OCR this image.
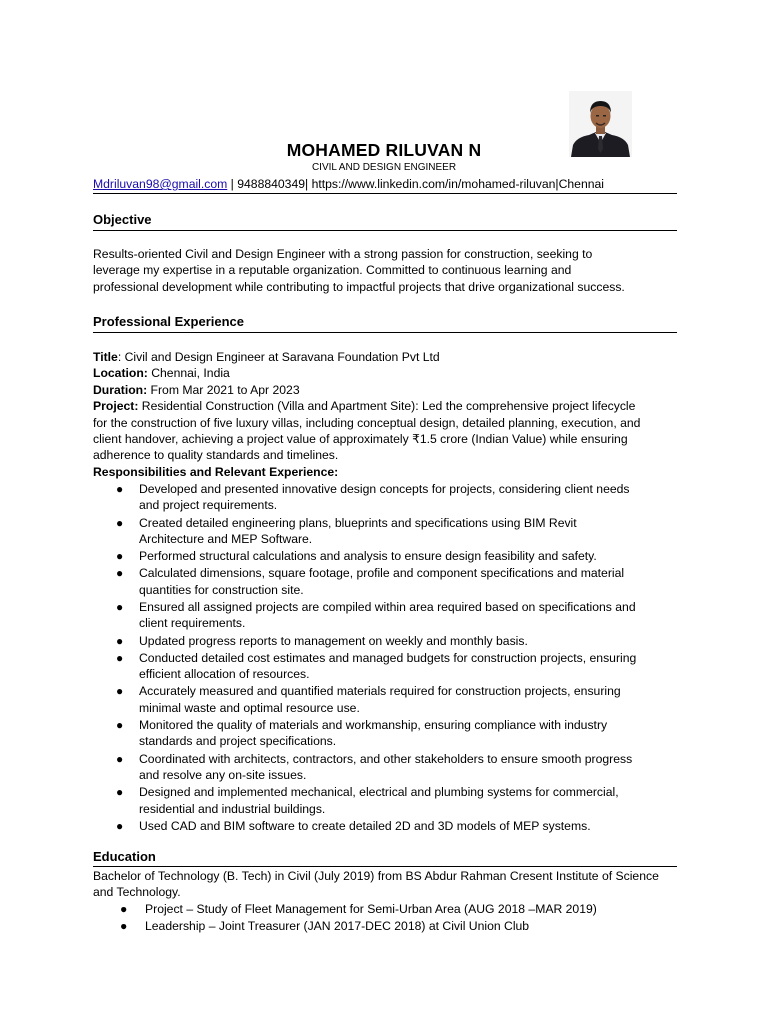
MOHAMED RILUVAN N
CIVIL AND DESIGN ENGINEER
Mdriluvan98@gmail.com | 9488840349| https://www.linkedin.com/in/mohamed-riluvan|Chennai
Objective
Results-oriented Civil and Design Engineer with a strong passion for construction, seeking to
leverage my expertise in a reputable organization. Committed to continuous learning and
professional development while contributing to impactful projects that drive organizational success.
Professional Experience
Title: Civil and Design Engineer at Saravana Foundation Pvt Ltd
Location: Chennai, India
Duration: From Mar 2021 to Apr 2023
Project: Residential Construction (Villa and Apartment Site): Led the comprehensive project lifecycle
for the construction of five luxury villas, including conceptual design, detailed planning, execution, and
client handover, achieving a project value of approximately ₹1.5 crore (Indian Value) while ensuring
adherence to quality standards and timelines.
Responsibilities and Relevant Experience:
● Developed and presented innovative design concepts for projects, considering client needs
and project requirements.
● Created detailed engineering plans, blueprints and specifications using BIM Revit
Architecture and MEP Software.
● Performed structural calculations and analysis to ensure design feasibility and safety.
● Calculated dimensions, square footage, profile and component specifications and material
quantities for construction site.
● Ensured all assigned projects are compiled within area required based on specifications and
client requirements.
● Updated progress reports to management on weekly and monthly basis.
● Conducted detailed cost estimates and managed budgets for construction projects, ensuring
efficient allocation of resources.
● Accurately measured and quantified materials required for construction projects, ensuring
minimal waste and optimal resource use.
● Monitored the quality of materials and workmanship, ensuring compliance with industry
standards and project specifications.
● Coordinated with architects, contractors, and other stakeholders to ensure smooth progress
and resolve any on-site issues.
● Designed and implemented mechanical, electrical and plumbing systems for commercial,
residential and industrial buildings.
● Used CAD and BIM software to create detailed 2D and 3D models of MEP systems.
Education
Bachelor of Technology (B. Tech) in Civil (July 2019) from BS Abdur Rahman Cresent Institute of Science
and Technology.
● Project – Study of Fleet Management for Semi-Urban Area (AUG 2018 –MAR 2019)
● Leadership – Joint Treasurer (JAN 2017-DEC 2018) at Civil Union Club
